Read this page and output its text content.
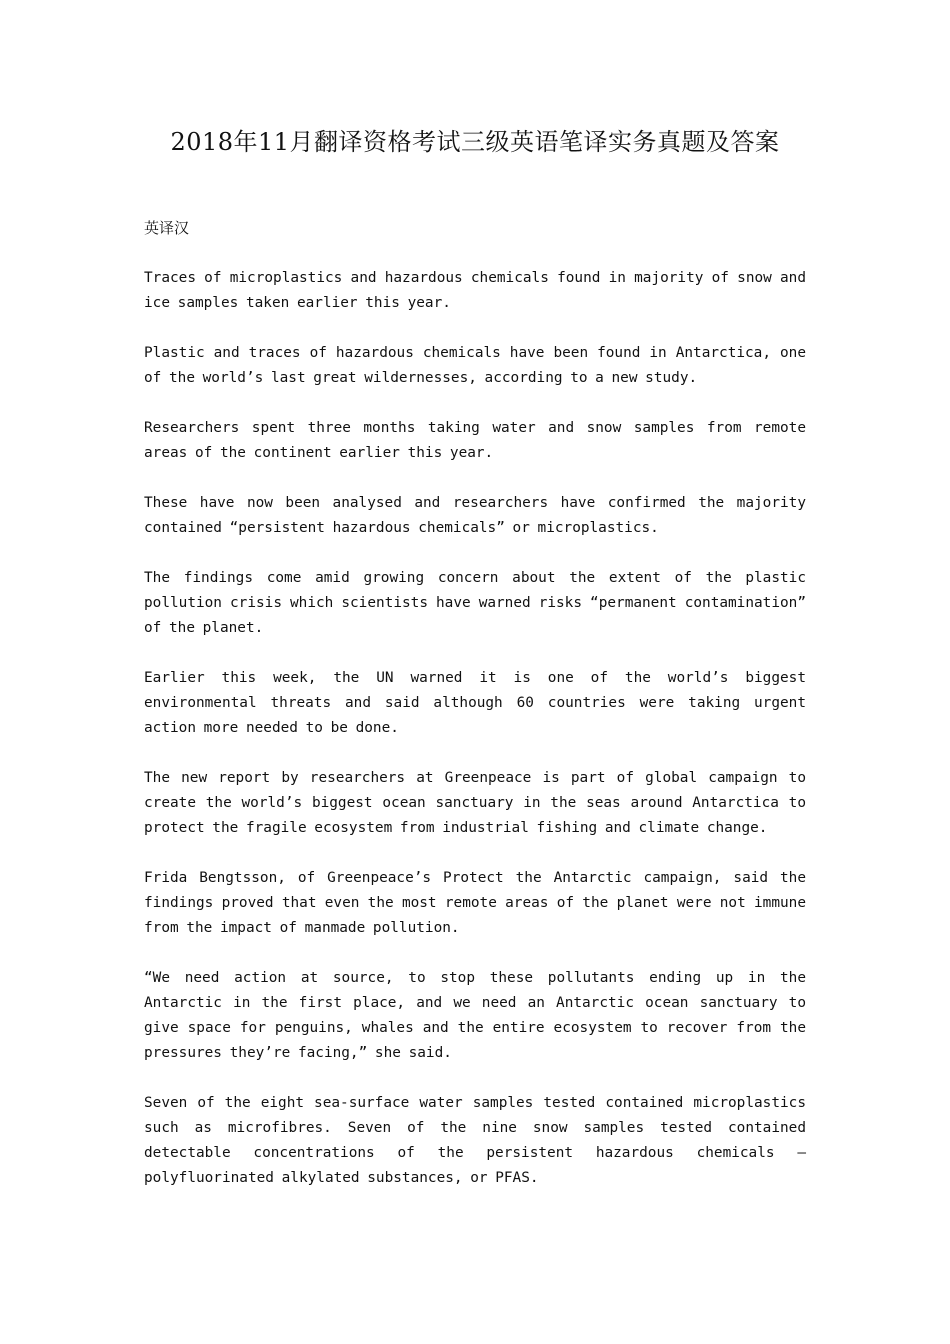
2018年11月翻译资格考试三级英语笔译实务真题及答案

英译汉

Traces of microplastics and hazardous chemicals found in majority of snow and ice samples taken earlier this year.

Plastic and traces of hazardous chemicals have been found in Antarctica, one of the world’s last great wildernesses, according to a new study.

Researchers spent three months taking water and snow samples from remote areas of the continent earlier this year.

These have now been analysed and researchers have confirmed the majority contained “persistent hazardous chemicals” or microplastics.

The findings come amid growing concern about the extent of the plastic pollution crisis which scientists have warned risks “permanent contamination” of the planet.

Earlier this week, the UN warned it is one of the world’s biggest environmental threats and said although 60 countries were taking urgent action more needed to be done.

The new report by researchers at Greenpeace is part of global campaign to create the world’s biggest ocean sanctuary in the seas around Antarctica to protect the fragile ecosystem from industrial fishing and climate change.

Frida Bengtsson, of Greenpeace’s Protect the Antarctic campaign, said the findings proved that even the most remote areas of the planet were not immune from the impact of manmade pollution.

“We need action at source, to stop these pollutants ending up in the Antarctic in the first place, and we need an Antarctic ocean sanctuary to give space for penguins, whales and the entire ecosystem to recover from the pressures they’re facing,” she said.

Seven of the eight sea-surface water samples tested contained microplastics such as microfibres. Seven of the nine snow samples tested contained detectable concentrations of the persistent hazardous chemicals – polyfluorinated alkylated substances, or PFAS.
